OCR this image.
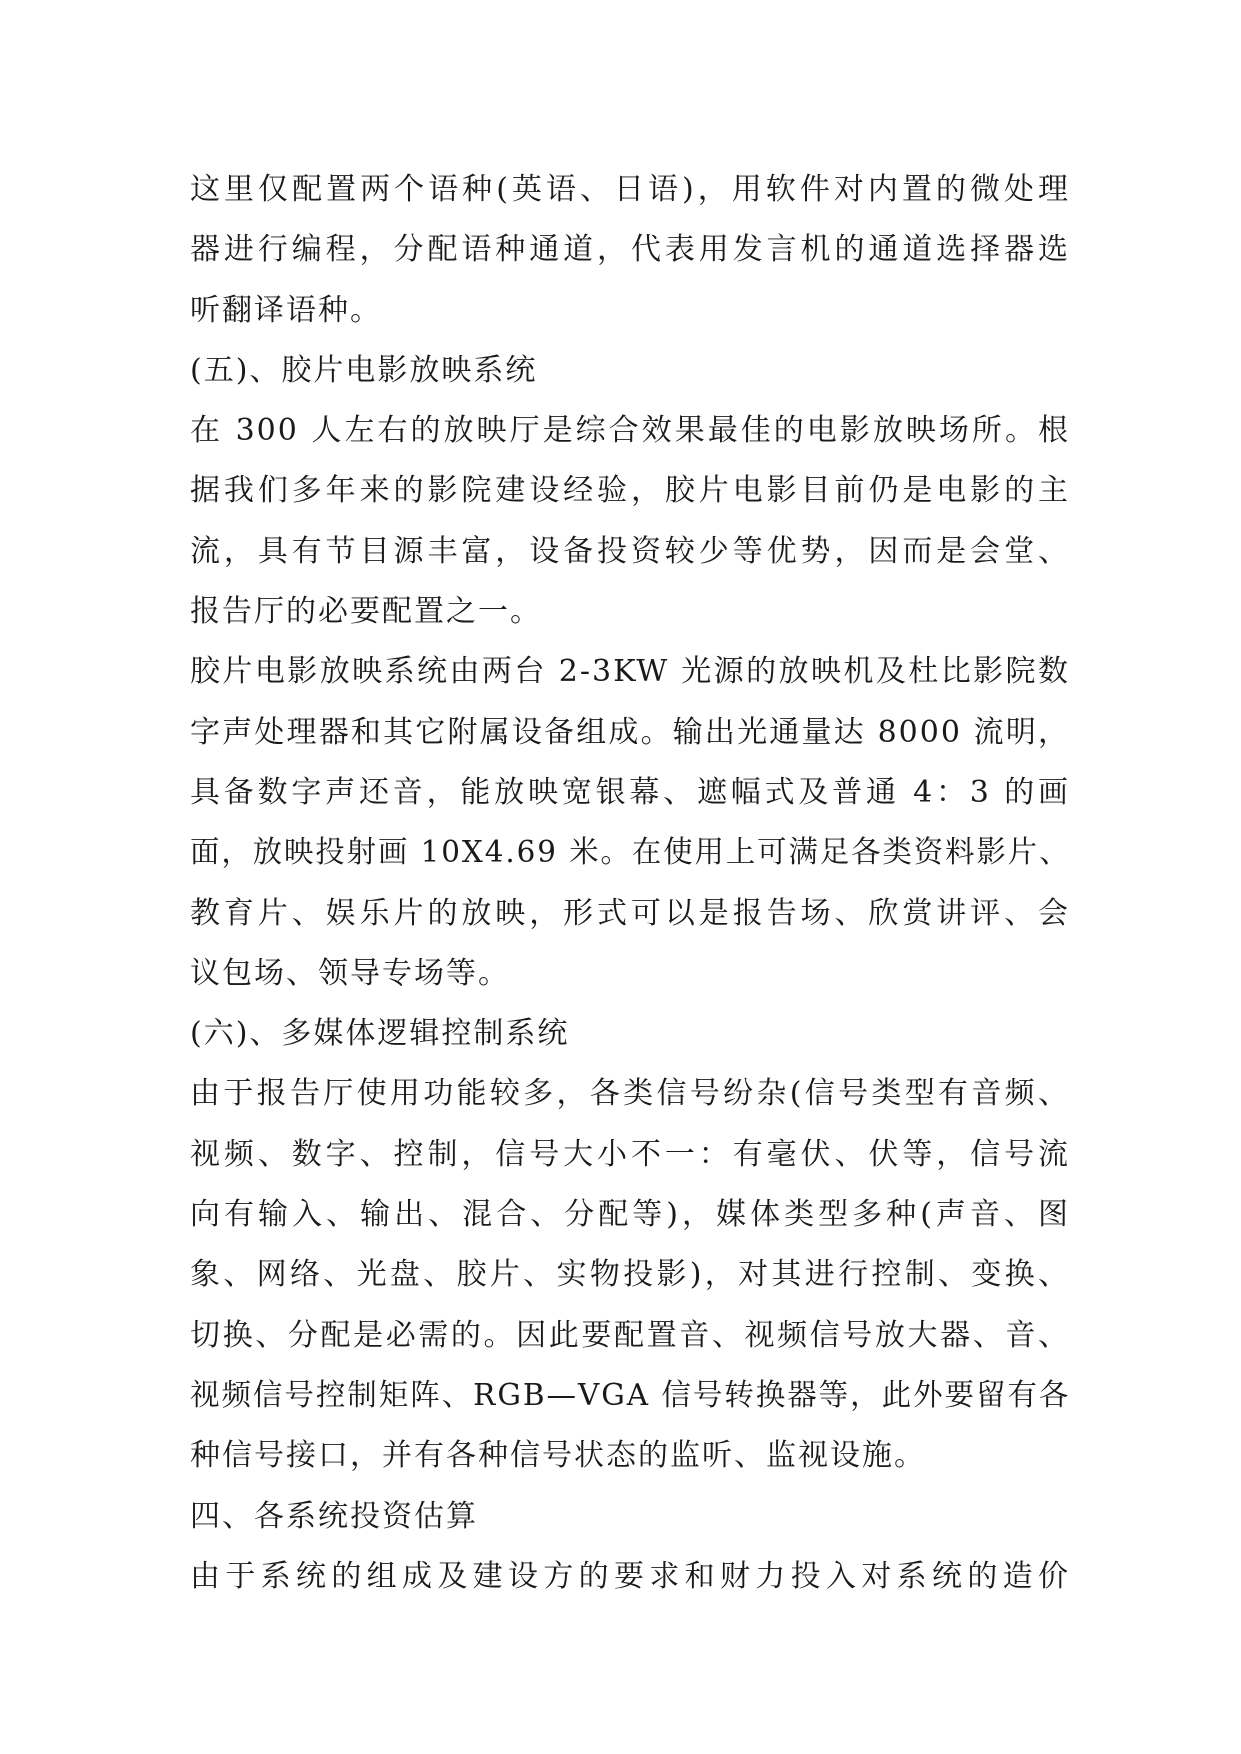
这里仅配置两个语种(英语、日语)，用软件对内置的微处理
器进行编程，分配语种通道，代表用发言机的通道选择器选
听翻译语种。
(五)、胶片电影放映系统
在 300 人左右的放映厅是综合效果最佳的电影放映场所。根
据我们多年来的影院建设经验，胶片电影目前仍是电影的主
流，具有节目源丰富，设备投资较少等优势，因而是会堂、
报告厅的必要配置之一。
胶片电影放映系统由两台 2-3KW 光源的放映机及杜比影院数
字声处理器和其它附属设备组成。输出光通量达 8000 流明，
具备数字声还音，能放映宽银幕、遮幅式及普通 4：3 的画
面，放映投射画 10X4.69 米。在使用上可满足各类资料影片、
教育片、娱乐片的放映，形式可以是报告场、欣赏讲评、会
议包场、领导专场等。
(六)、多媒体逻辑控制系统
由于报告厅使用功能较多，各类信号纷杂(信号类型有音频、
视频、数字、控制，信号大小不一：有毫伏、伏等，信号流
向有输入、输出、混合、分配等)，媒体类型多种(声音、图
象、网络、光盘、胶片、实物投影)，对其进行控制、变换、
切换、分配是必需的。因此要配置音、视频信号放大器、音、
视频信号控制矩阵、RGB—VGA 信号转换器等，此外要留有各
种信号接口，并有各种信号状态的监听、监视设施。
四、各系统投资估算
由于系统的组成及建设方的要求和财力投入对系统的造价
